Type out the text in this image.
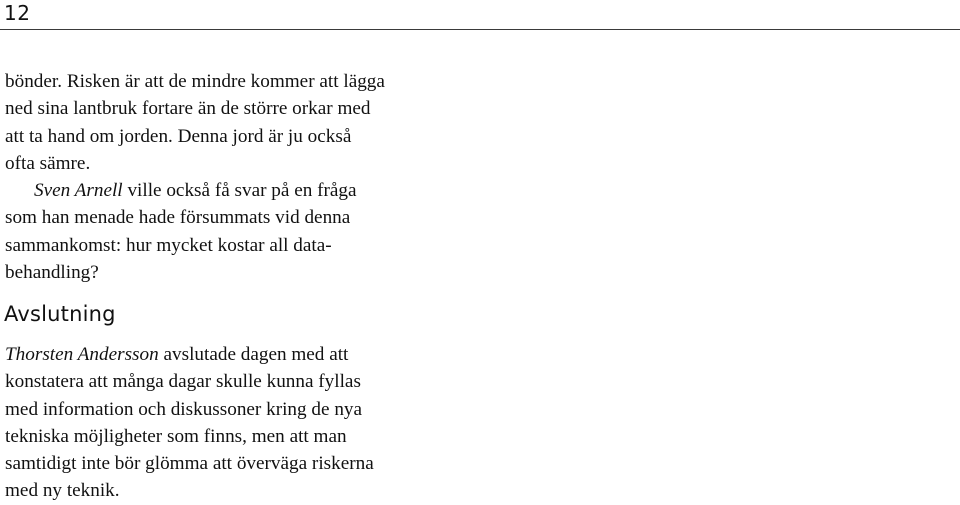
12
bönder. Risken är att de mindre kommer att lägga
ned sina lantbruk fortare än de större orkar med
att ta hand om jorden. Denna jord är ju också
ofta sämre.
Sven Arnell ville också få svar på en fråga
som han menade hade försummats vid denna
sammankomst: hur mycket kostar all data-
behandling?
Avslutning
Thorsten Andersson avslutade dagen med att
konstatera att många dagar skulle kunna fyllas
med information och diskussoner kring de nya
tekniska möjligheter som finns, men att man
samtidigt inte bör glömma att överväga riskerna
med ny teknik.
